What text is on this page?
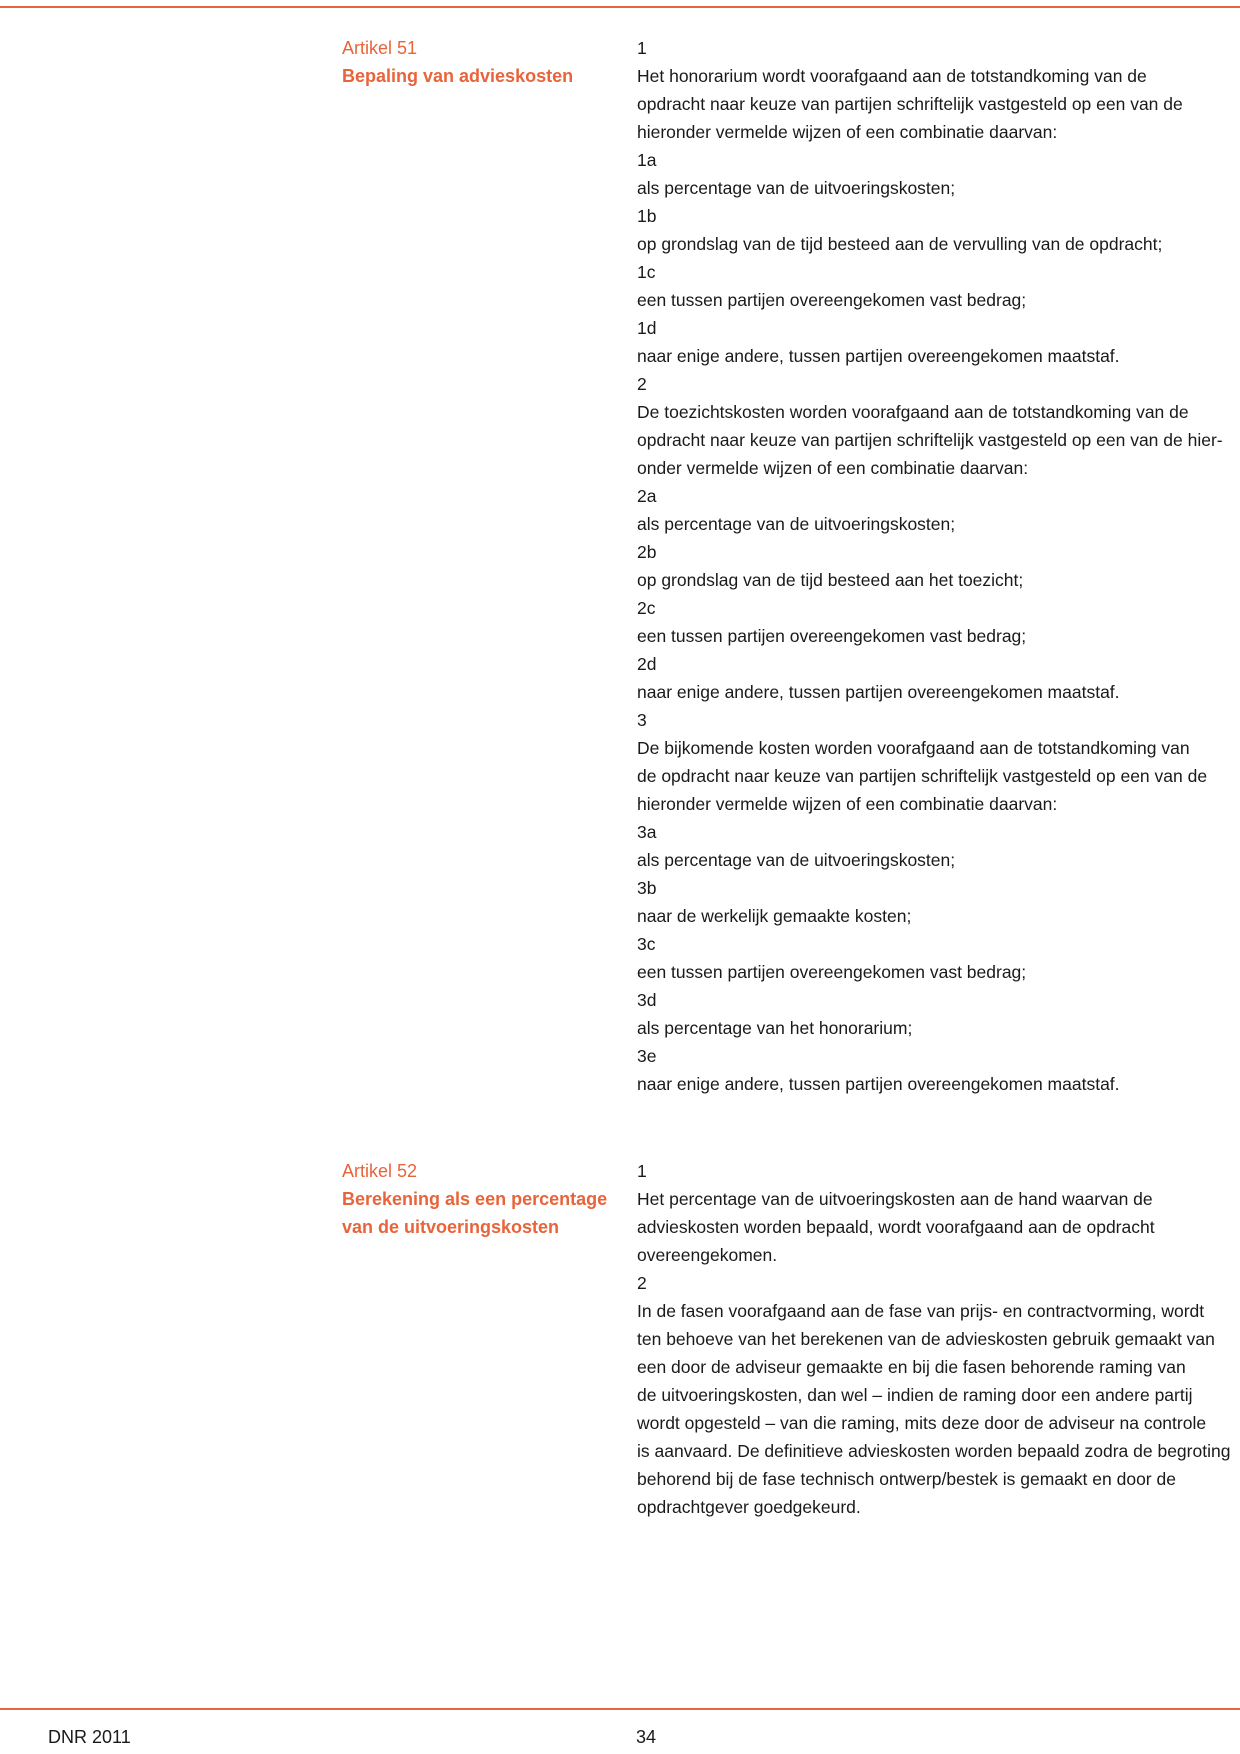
Artikel 51
Bepaling van advieskosten
1
Het honorarium wordt voorafgaand aan de totstandkoming van de
opdracht naar keuze van partijen schriftelijk vastgesteld op een van de
hieronder vermelde wijzen of een combinatie daarvan:
1a
als percentage van de uitvoeringskosten;
1b
op grondslag van de tijd besteed aan de vervulling van de opdracht;
1c
een tussen partijen overeengekomen vast bedrag;
1d
naar enige andere, tussen partijen overeengekomen maatstaf.
2
De toezichtskosten worden voorafgaand aan de totstandkoming van de
opdracht naar keuze van partijen schriftelijk vastgesteld op een van de hier-
onder vermelde wijzen of een combinatie daarvan:
2a
als percentage van de uitvoeringskosten;
2b
op grondslag van de tijd besteed aan het toezicht;
2c
een tussen partijen overeengekomen vast bedrag;
2d
naar enige andere, tussen partijen overeengekomen maatstaf.
3
De bijkomende kosten worden voorafgaand aan de totstandkoming van
de opdracht naar keuze van partijen schriftelijk vastgesteld op een van de
hieronder vermelde wijzen of een combinatie daarvan:
3a
als percentage van de uitvoeringskosten;
3b
naar de werkelijk gemaakte kosten;
3c
een tussen partijen overeengekomen vast bedrag;
3d
als percentage van het honorarium;
3e
naar enige andere, tussen partijen overeengekomen maatstaf.
Artikel 52
Berekening als een percentage
van de uitvoeringskosten
1
Het percentage van de uitvoeringskosten aan de hand waarvan de
advieskosten worden bepaald, wordt voorafgaand aan de opdracht
overeengekomen.
2
In de fasen voorafgaand aan de fase van prijs- en contractvorming, wordt
ten behoeve van het berekenen van de advieskosten gebruik gemaakt van
een door de adviseur gemaakte en bij die fasen behorende raming van
de uitvoeringskosten, dan wel – indien de raming door een andere partij
wordt opgesteld – van die raming, mits deze door de adviseur na controle
is aanvaard. De definitieve advieskosten worden bepaald zodra de begroting
behorend bij de fase technisch ontwerp/bestek is gemaakt en door de
opdrachtgever goedgekeurd.
DNR 2011	34
